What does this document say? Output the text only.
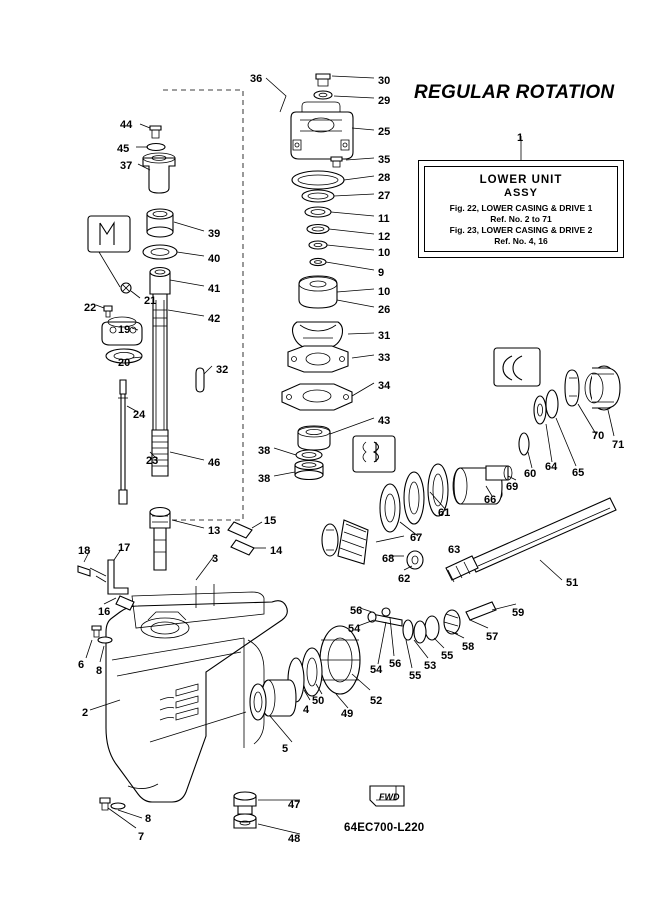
REGULAR ROTATION
LOWER UNIT
ASSY
Fig. 22, LOWER CASING & DRIVE 1
Ref. No. 2 to 71
Fig. 23, LOWER CASING & DRIVE 2
Ref. No. 4, 16
FWD
64EC700-L220
30
29
36
1
25
44
45
37	35
28
27
11
12
10
39
9
10
40
26
41
21
22
42
31
19
20
32
33
34
24	43
71
70
65
23	46
38
38
66
64
60
69
61
13
15
14
67
63
62
68
51
18	17
3
16	56	59
57
58
54
55
53
6 8
56
54 55
52
50
49
4
2
5
47
8
7	48
